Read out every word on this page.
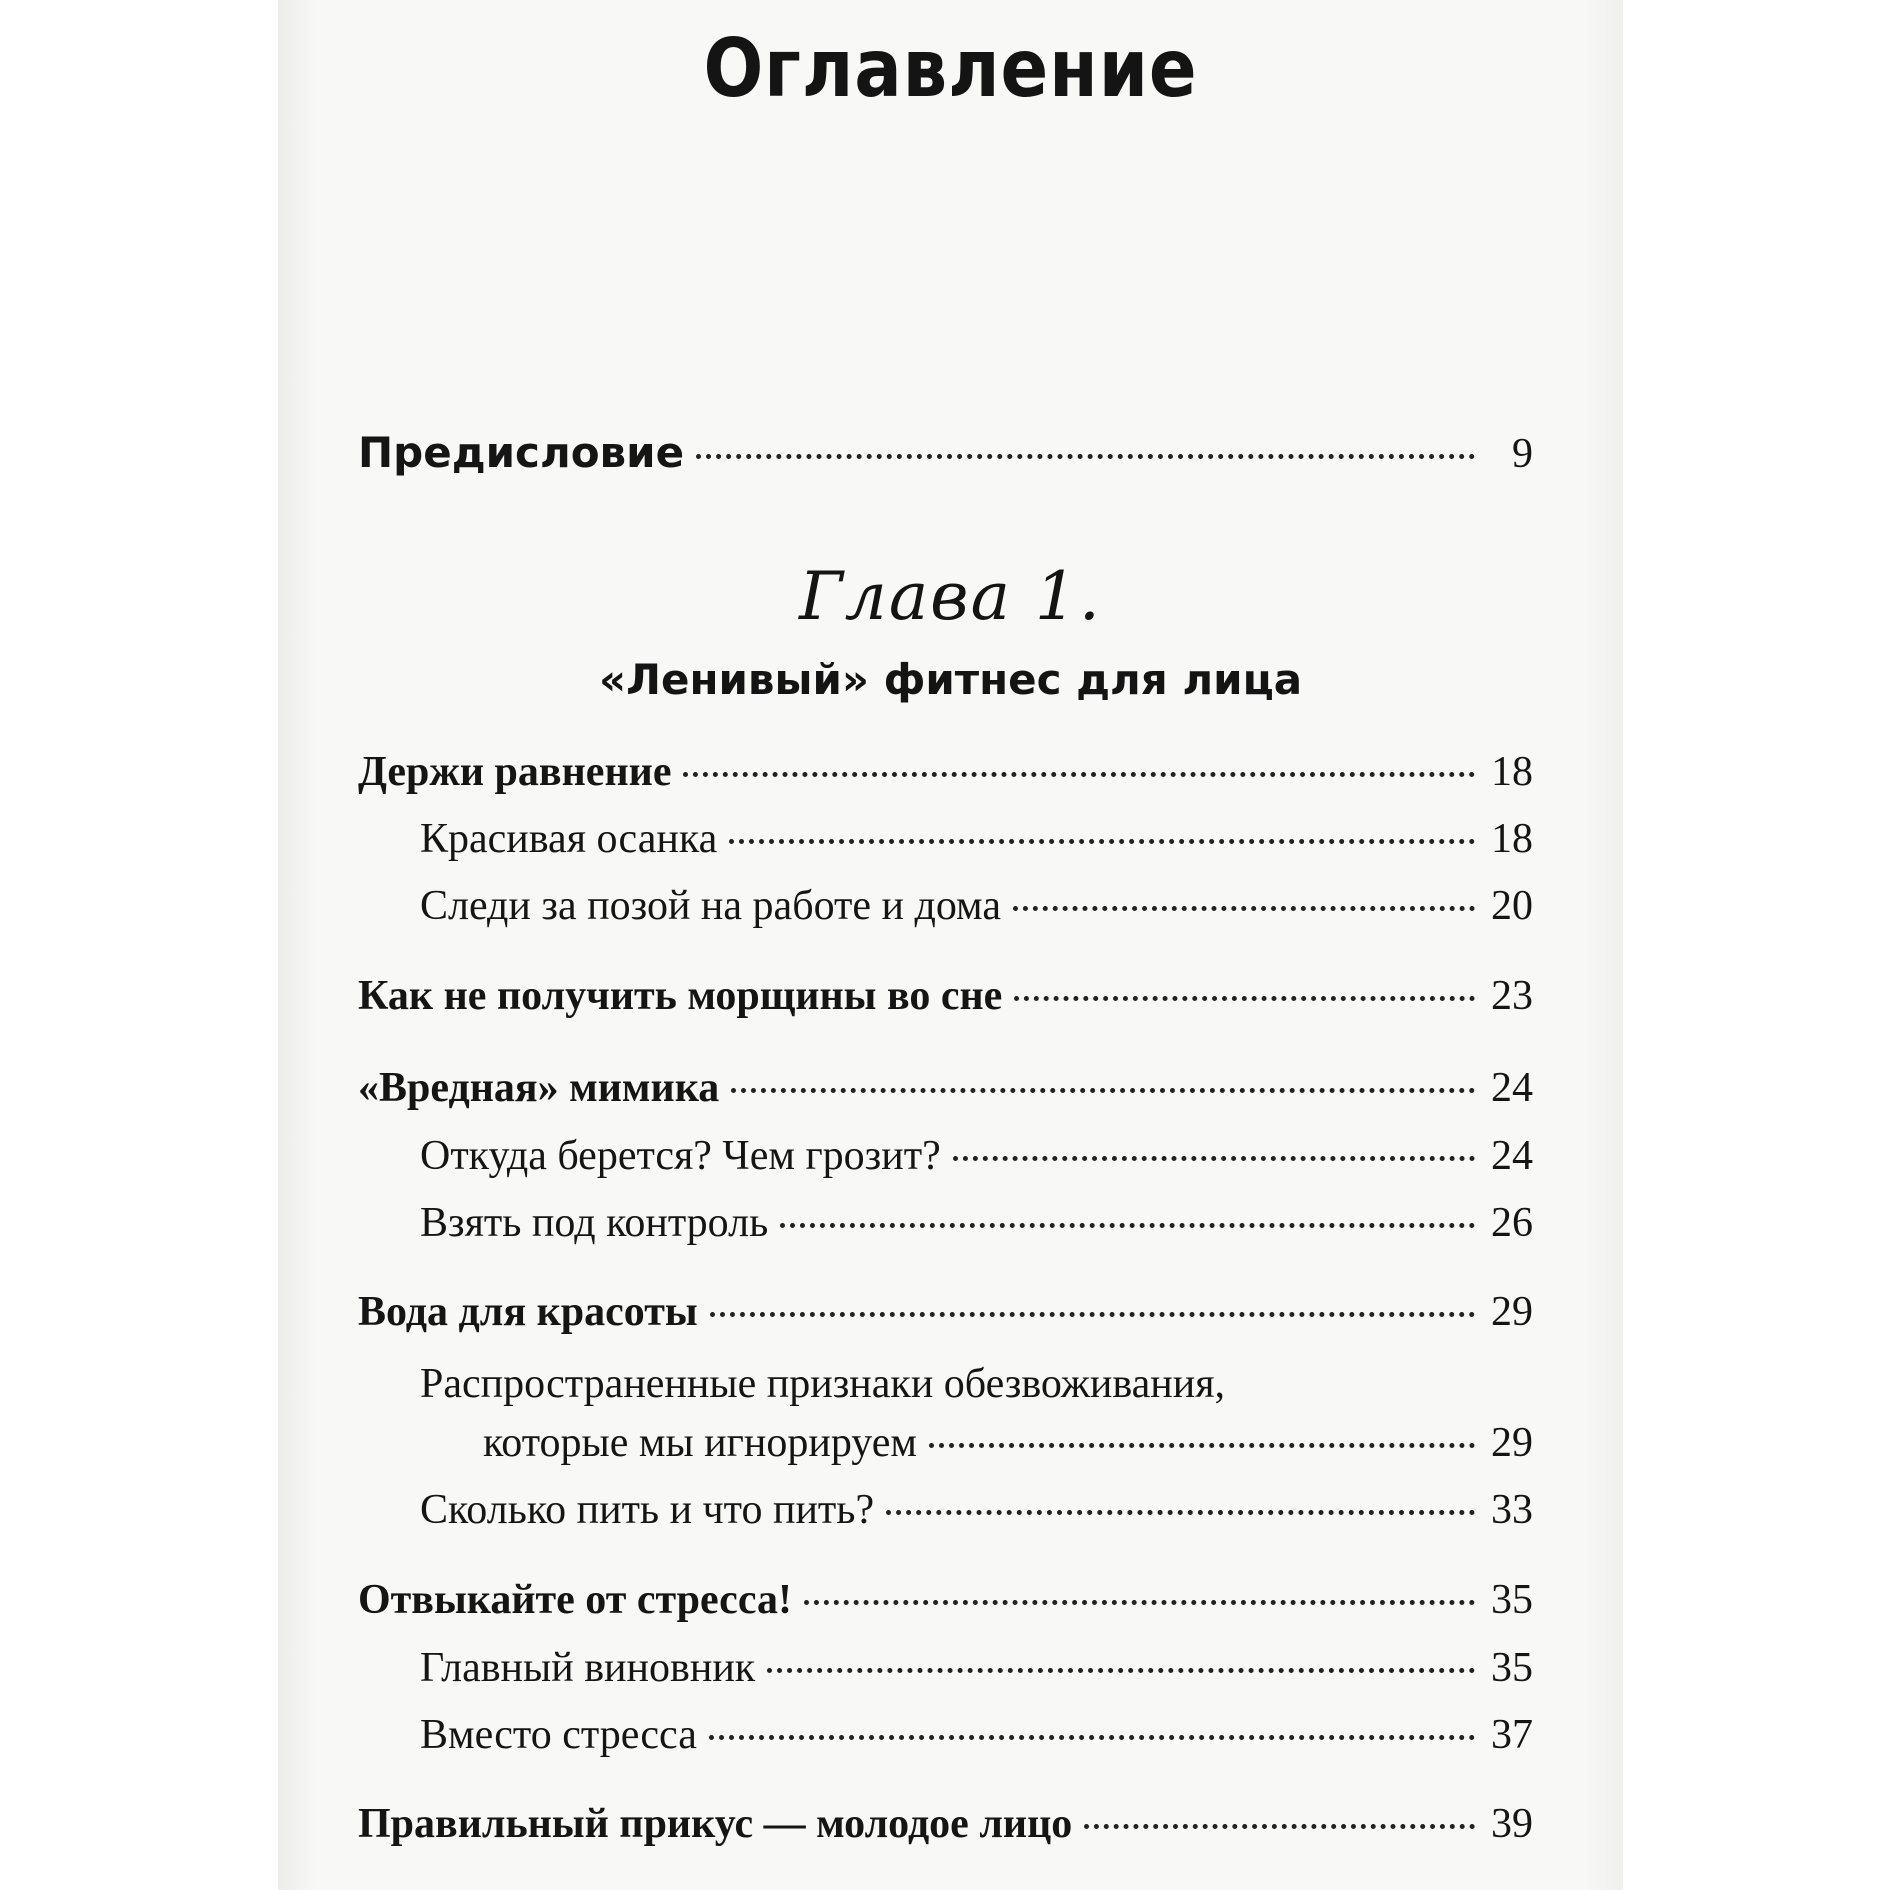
Оглавление
Предисловие	9
Глава 1.
«Ленивый» фитнес для лица
Держи равнение	18
Красивая осанка	18
Следи за позой на работе и дома	20
Как не получить морщины во сне	23
«Вредная» мимика	24
Откуда берется? Чем грозит?	24
Взять под контроль	26
Вода для красоты	29
Распространенные признаки обезвоживания,
которые мы игнорируем	29
Сколько пить и что пить?	33
Отвыкайте от стресса!	35
Главный виновник	35
Вместо стресса	37
Правильный прикус — молодое лицо	39
